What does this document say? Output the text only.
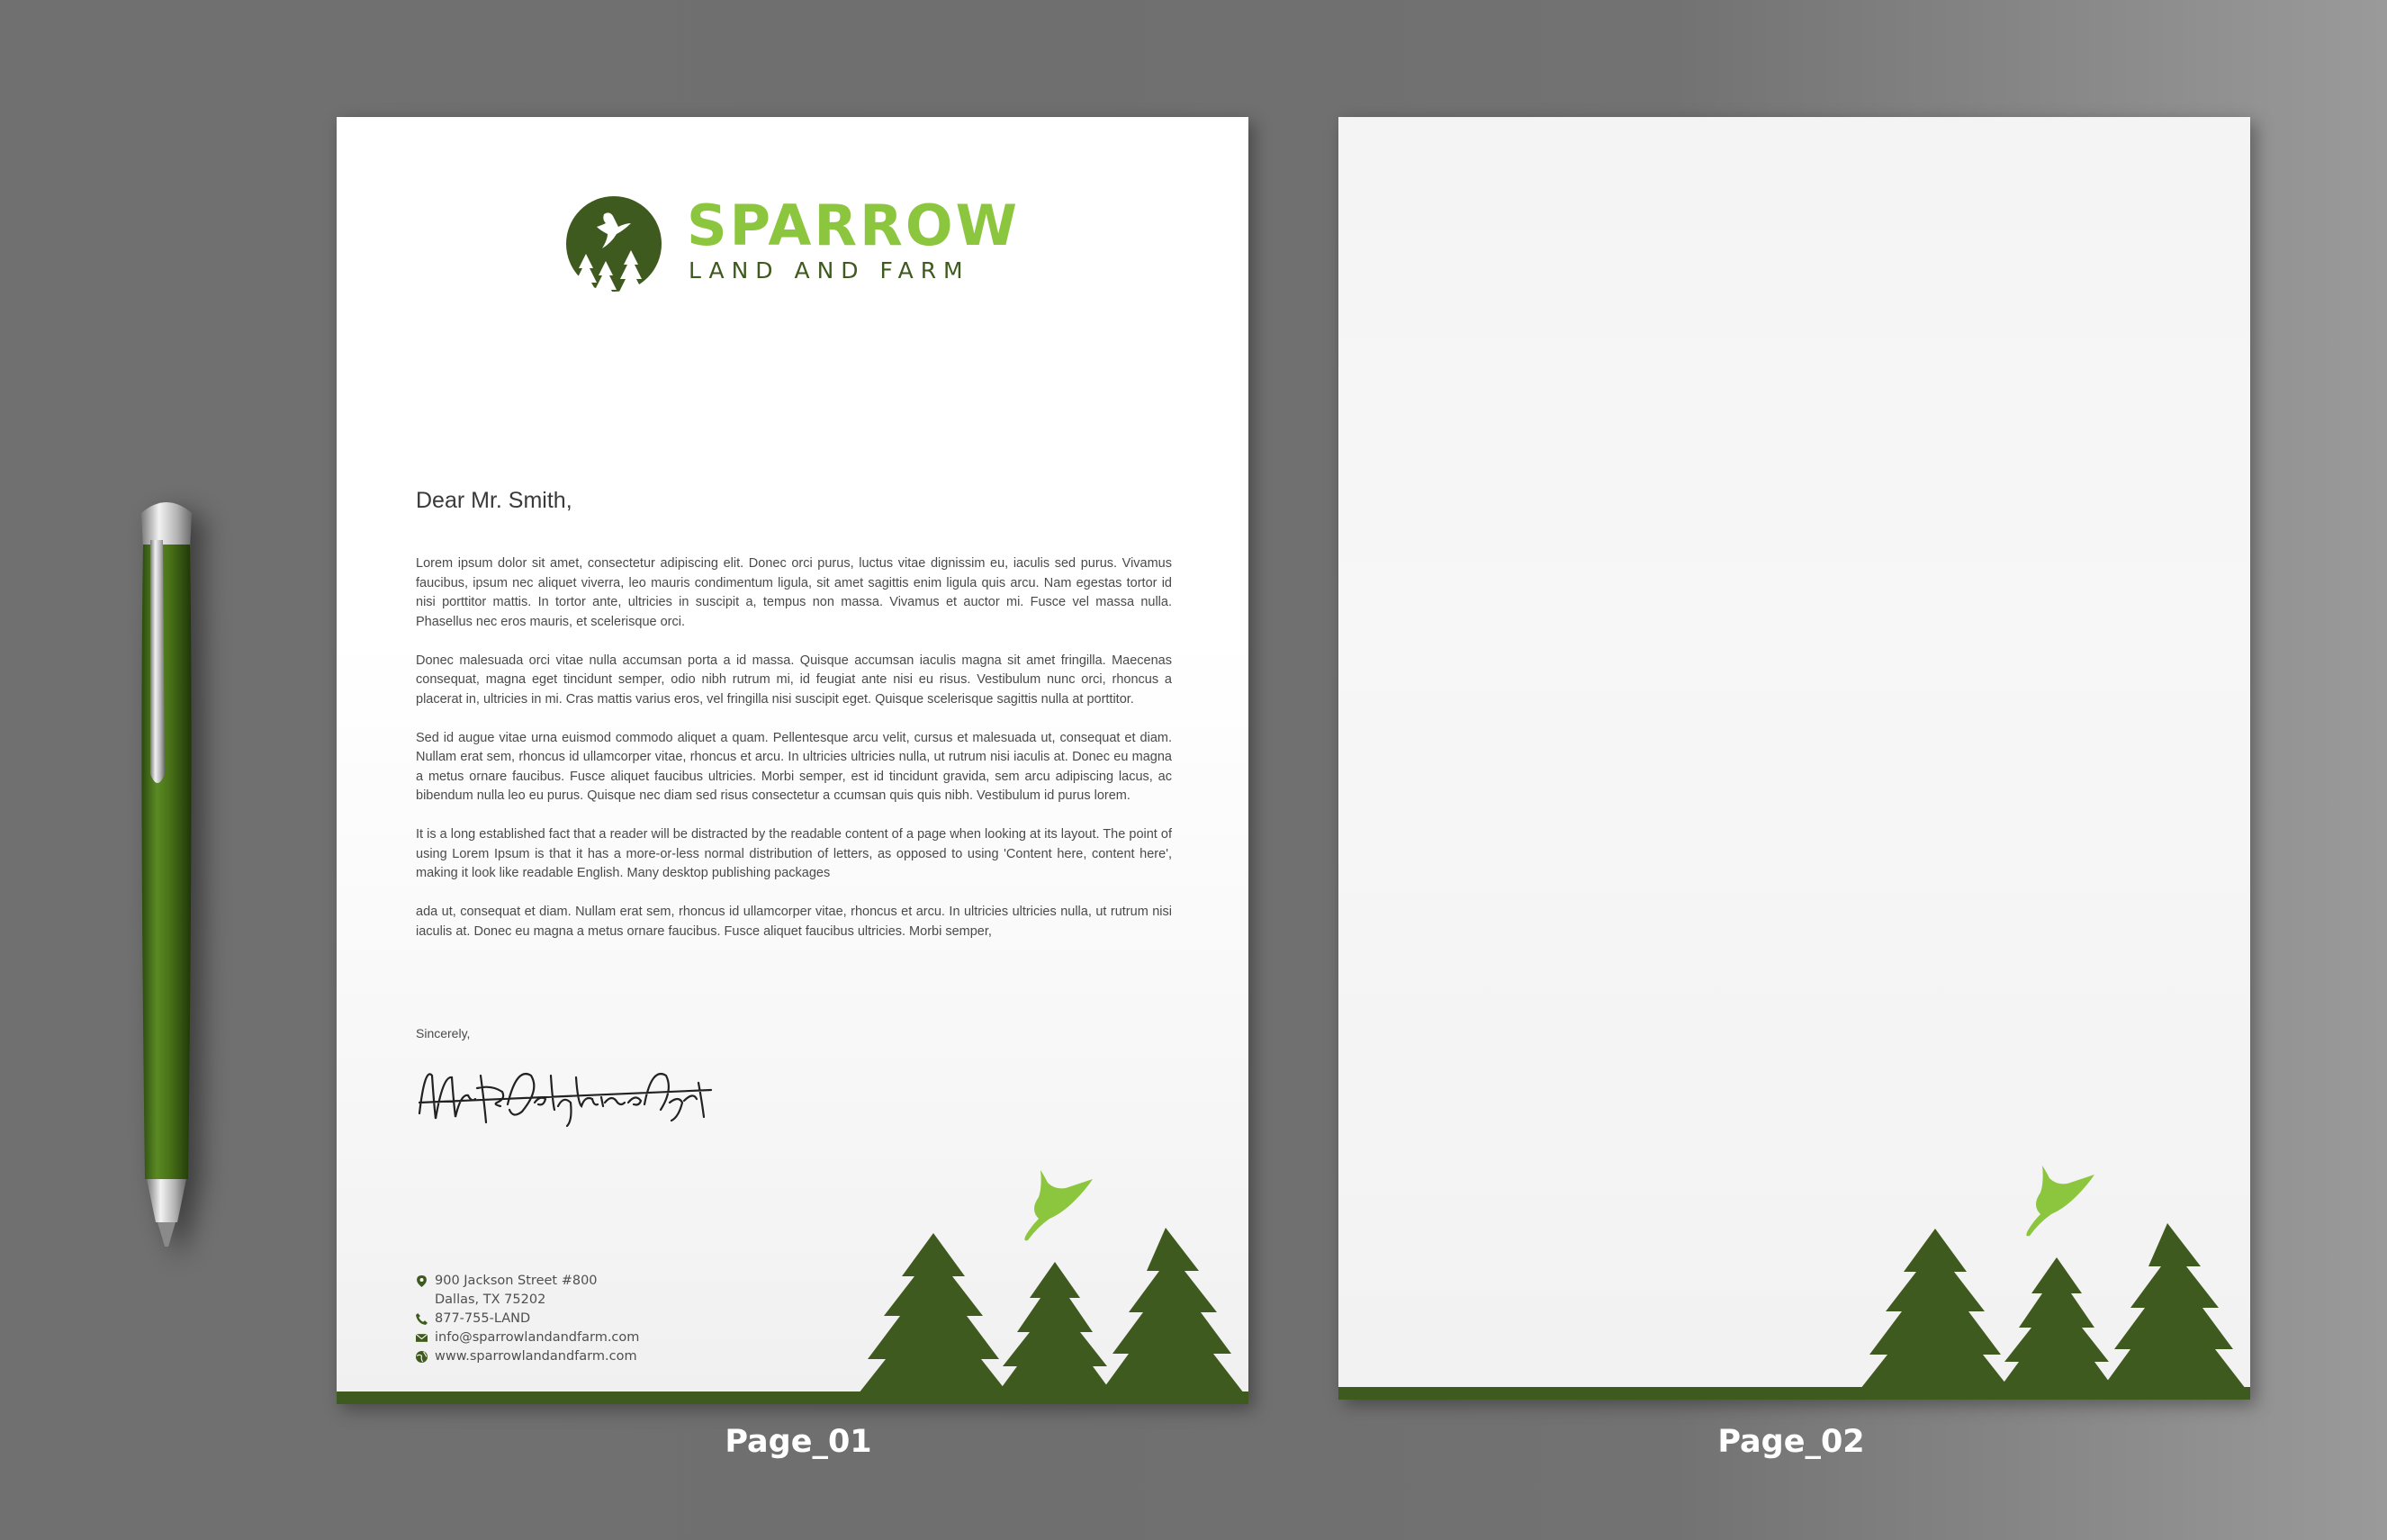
SPARROW

LAND AND FARM

Dear Mr. Smith,

Lorem ipsum dolor sit amet, consectetur adipiscing elit. Donec orci purus, luctus vitae dignissim eu, iaculis sed purus. Vivamus faucibus, ipsum nec aliquet viverra, leo mauris condimentum ligula, sit amet sagittis enim ligula quis arcu. Nam egestas tortor id nisi porttitor mattis. In tortor ante, ultricies in suscipit a, tempus non massa. Vivamus et auctor mi. Fusce vel massa nulla. Phasellus nec eros mauris, et scelerisque orci.

Donec malesuada orci vitae nulla accumsan porta a id massa. Quisque accumsan iaculis magna sit amet fringilla. Maecenas consequat, magna eget tincidunt semper, odio nibh rutrum mi, id feugiat ante nisi eu risus. Vestibulum nunc orci, rhoncus a placerat in, ultricies in mi. Cras mattis varius eros, vel fringilla nisi suscipit eget. Quisque scelerisque sagittis nulla at porttitor.

Sed id augue vitae urna euismod commodo aliquet a quam. Pellentesque arcu velit, cursus et malesuada ut, consequat et diam. Nullam erat sem, rhoncus id ullamcorper vitae, rhoncus et arcu. In ultricies ultricies nulla, ut rutrum nisi iaculis at. Donec eu magna a metus ornare faucibus. Fusce aliquet faucibus ultricies. Morbi semper, est id tincidunt gravida, sem arcu adipiscing lacus, ac bibendum nulla leo eu purus. Quisque nec diam sed risus consectetur a ccumsan quis quis nibh. Vestibulum id purus lorem.

It is a long established fact that a reader will be distracted by the readable content of a page when looking at its layout. The point of using Lorem Ipsum is that it has a more-or-less normal distribution of letters, as opposed to using 'Content here, content here', making it look like readable English. Many desktop publishing packages

ada ut, consequat et diam. Nullam erat sem, rhoncus id ullamcorper vitae, rhoncus et arcu. In ultricies ultricies nulla, ut rutrum nisi iaculis at. Donec eu magna a metus ornare faucibus. Fusce aliquet faucibus ultricies. Morbi semper,

Sincerely,

900 Jackson Street #800
Dallas, TX 75202
877-755-LAND
info@sparrowlandandfarm.com
www.sparrowlandandfarm.com

Page_01	Page_02
